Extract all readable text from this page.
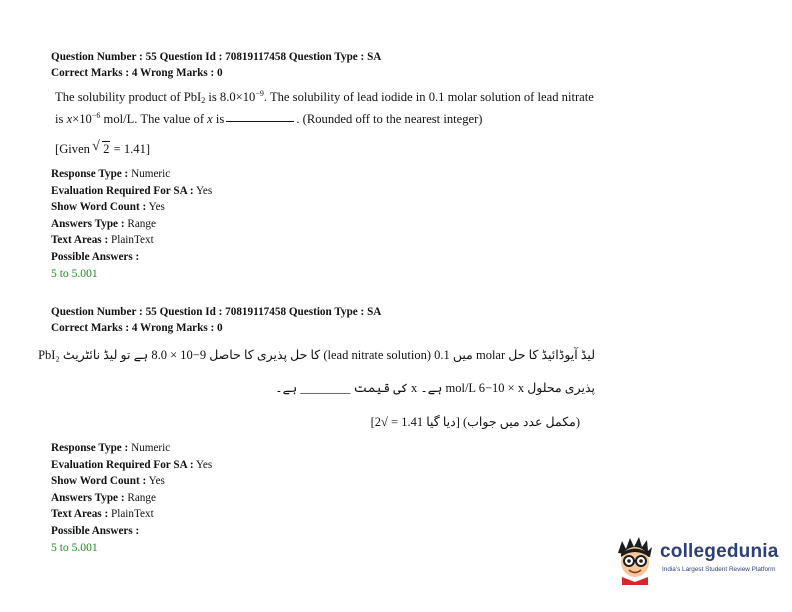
Question Number : 55 Question Id : 70819117458 Question Type : SA
Correct Marks : 4 Wrong Marks : 0
The solubility product of PbI$_2$ is $8.0\times 10^{-9}$. The solubility of lead iodide in 0.1 molar solution of lead nitrate is $x\times 10^{-6}$ mol/L. The value of x is	. (Rounded off to the nearest integer)
[Given √ 2 = 1.41]
Response Type : Numeric
Evaluation Required For SA : Yes
Show Word Count : Yes
Answers Type : Range
Text Areas : PlainText
Possible Answers :
5 to 5.001
Question Number : 55 Question Id : 70819117458 Question Type : SA
Correct Marks : 4 Wrong Marks : 0
PbI₂ کا حل پذیری کا حاصل 9−10 × 8.0 ہے تو لیڈ نائٹریٹ (lead nitrate solution) میں 0.1 molar لیڈ آیوڈائیڈ کا حل
پذیری محلول mol/L 6−10 × x ہے۔ x کی قیمت ________ ہے۔
(مکمل عدد میں جواب) [دیا گیا 1.41 = √2]
Response Type : Numeric
Evaluation Required For SA : Yes
Show Word Count : Yes
Answers Type : Range
Text Areas : PlainText
Possible Answers :
5 to 5.001	collegedunia
India's Largest Student Review Platform
